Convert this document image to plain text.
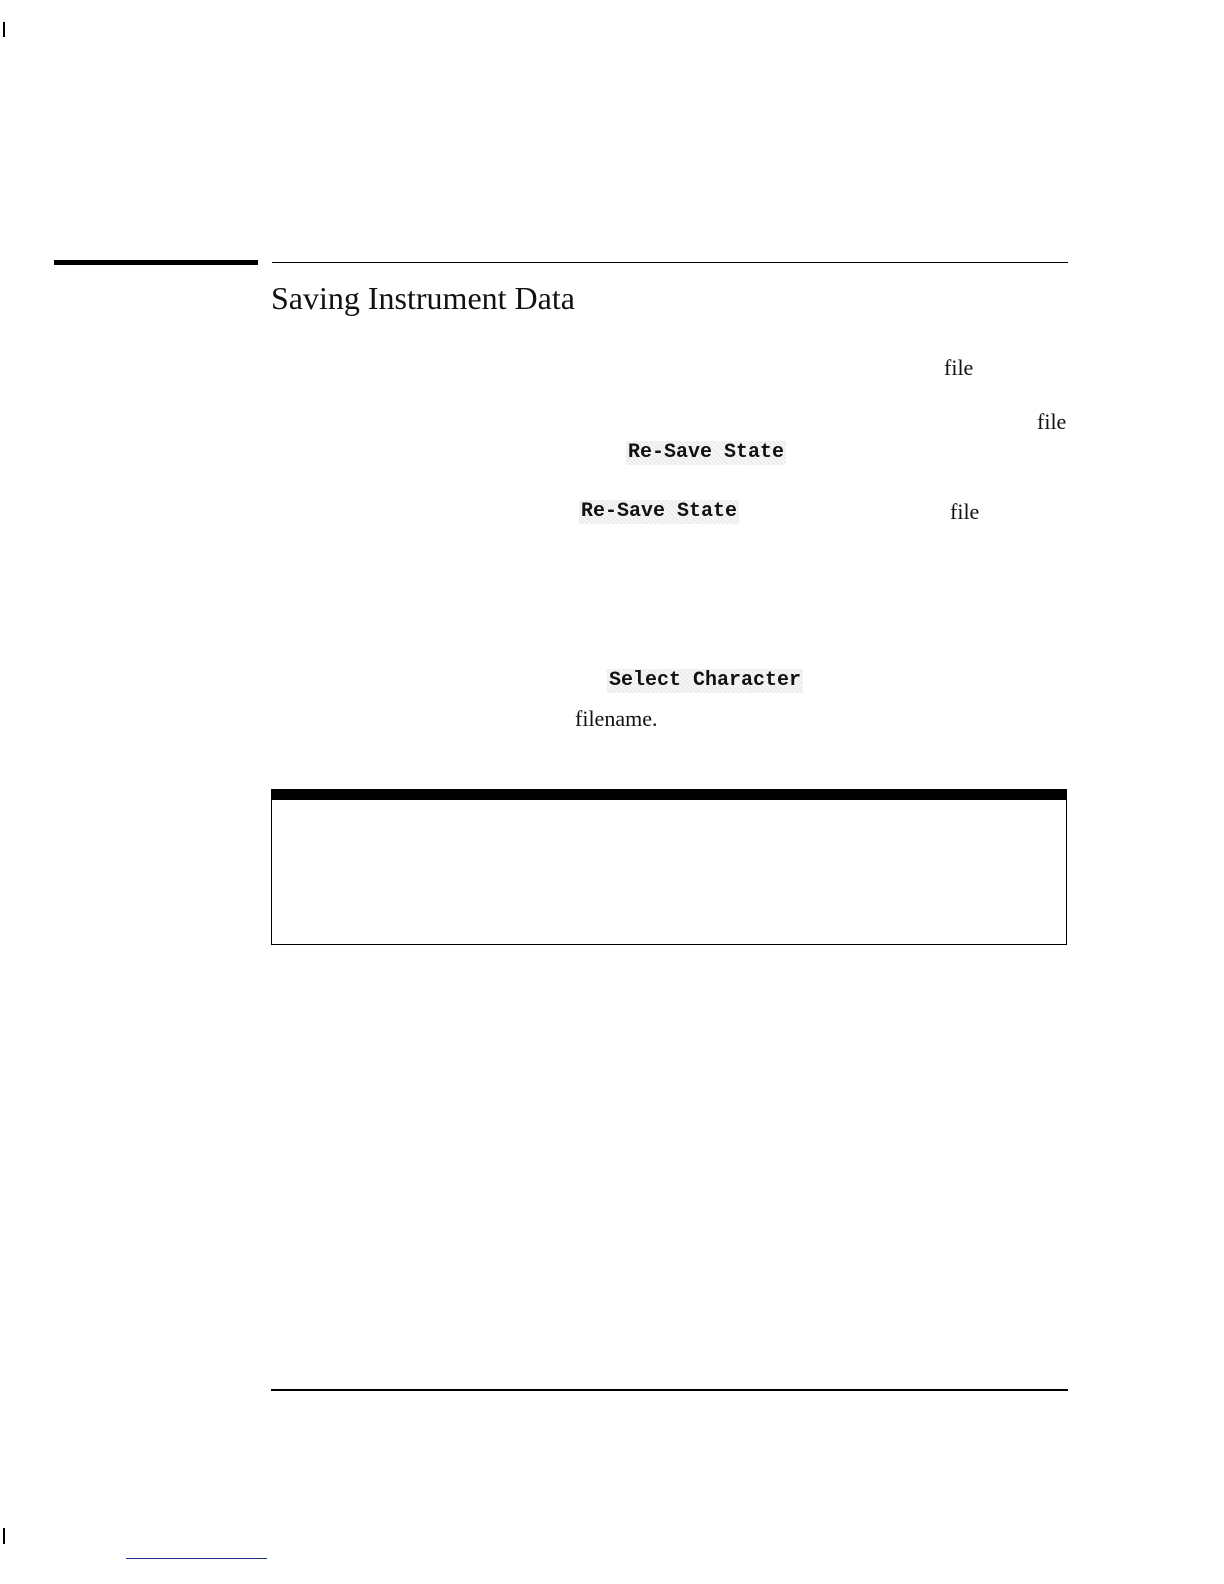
Saving Instrument Data
file
file
Re-Save State
Re-Save State	file
Select Character
filename.
